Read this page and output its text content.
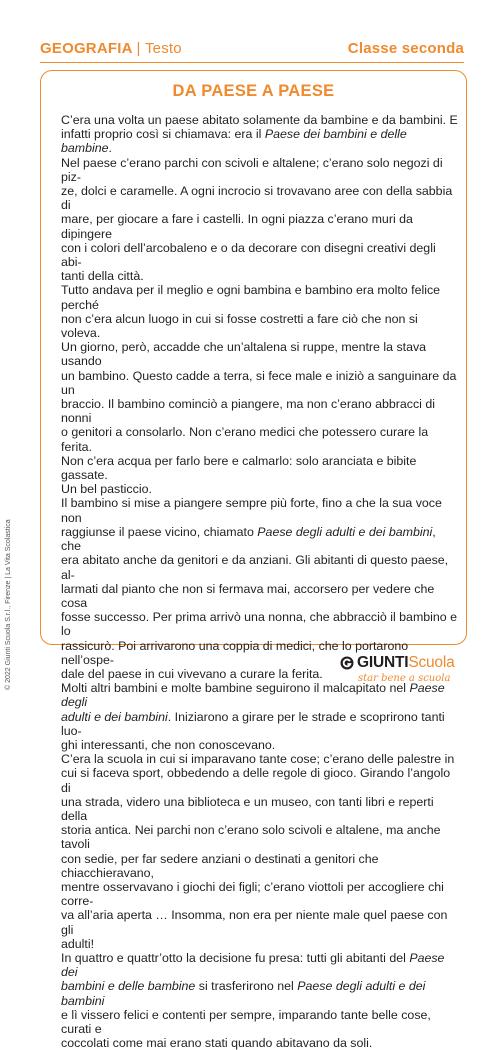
GEOGRAFIA | Testo	Classe seconda
DA PAESE A PAESE

C’era una volta un paese abitato solamente da bambine e da bambini. E
infatti proprio così si chiamava: era il Paese dei bambini e delle bambine.
Nel paese c’erano parchi con scivoli e altalene; c’erano solo negozi di piz-
ze, dolci e caramelle. A ogni incrocio si trovavano aree con della sabbia di
mare, per giocare a fare i castelli. In ogni piazza c’erano muri da dipingere
con i colori dell’arcobaleno e o da decorare con disegni creativi degli abi-
tanti della città.

Tutto andava per il meglio e ogni bambina e bambino era molto felice perché
non c’era alcun luogo in cui si fosse costretti a fare ciò che non si voleva.

Un giorno, però, accadde che un’altalena si ruppe, mentre la stava usando
un bambino. Questo cadde a terra, si fece male e iniziò a sanguinare da un
braccio. Il bambino cominciò a piangere, ma non c’erano abbracci di nonni
o genitori a consolarlo. Non c’erano medici che potessero curare la ferita.
Non c’era acqua per farlo bere e calmarlo: solo aranciata e bibite gassate.
Un bel pasticcio.

Il bambino si mise a piangere sempre più forte, fino a che la sua voce non
raggiunse il paese vicino, chiamato Paese degli adulti e dei bambini, che
era abitato anche da genitori e da anziani. Gli abitanti di questo paese, al-
larmati dal pianto che non si fermava mai, accorsero per vedere che cosa
fosse successo. Per prima arrivò una nonna, che abbracciò il bambino e lo
rassicurò. Poi arrivarono una coppia di medici, che lo portarono nell’ospe-
dale del paese in cui vivevano a curare la ferita.

Molti altri bambini e molte bambine seguirono il malcapitato nel Paese degli
adulti e dei bambini. Iniziarono a girare per le strade e scoprirono tanti luo-
ghi interessanti, che non conoscevano.

C’era la scuola in cui si imparavano tante cose; c’erano delle palestre in
cui si faceva sport, obbedendo a delle regole di gioco. Girando l’angolo di
una strada, videro una biblioteca e un museo, con tanti libri e reperti della
storia antica. Nei parchi non c’erano solo scivoli e altalene, ma anche tavoli
con sedie, per far sedere anziani o destinati a genitori che chiacchieravano,
mentre osservavano i giochi dei figli; c’erano viottoli per accogliere chi corre-
va all’aria aperta … Insomma, non era per niente male quel paese con gli
adulti!

In quattro e quattr’otto la decisione fu presa: tutti gli abitanti del Paese dei
bambini e delle bambine si trasferirono nel Paese degli adulti e dei bambini
e lì vissero felici e contenti per sempre, imparando tante belle cose, curati e
coccolati come mai erano stati quando abitavano da soli.

© 2022 Giunti Scuola S.r.l., Firenze | La Vita Scolastica	GIUNTIScuola
star bene a scuola
